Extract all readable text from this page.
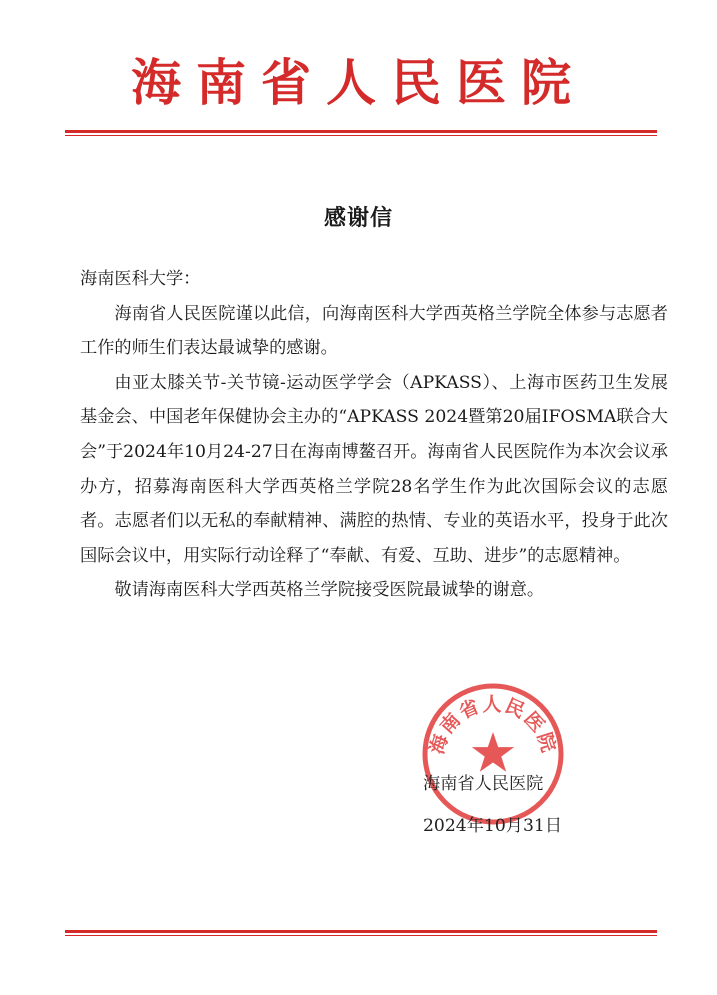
海南省人民医院
感谢信

海南医科大学：

海南省人民医院谨以此信，向海南医科大学西英格兰学院全体参与志愿者工作的师生们表达最诚挚的感谢。

由亚太膝关节-关节镜-运动医学学会（APKASS）、上海市医药卫生发展基金会、中国老年保健协会主办的“APKASS 2024暨第20届IFOSMA联合大会”于2024年10月24-27日在海南博鳌召开。海南省人民医院作为本次会议承办方，招募海南医科大学西英格兰学院28名学生作为此次国际会议的志愿者。志愿者们以无私的奉献精神、满腔的热情、专业的英语水平，投身于此次国际会议中，用实际行动诠释了“奉献、有爱、互助、进步”的志愿精神。

敬请海南医科大学西英格兰学院接受医院最诚挚的谢意。

海南省人民医院
海南省人民医院
2024年10月31日
